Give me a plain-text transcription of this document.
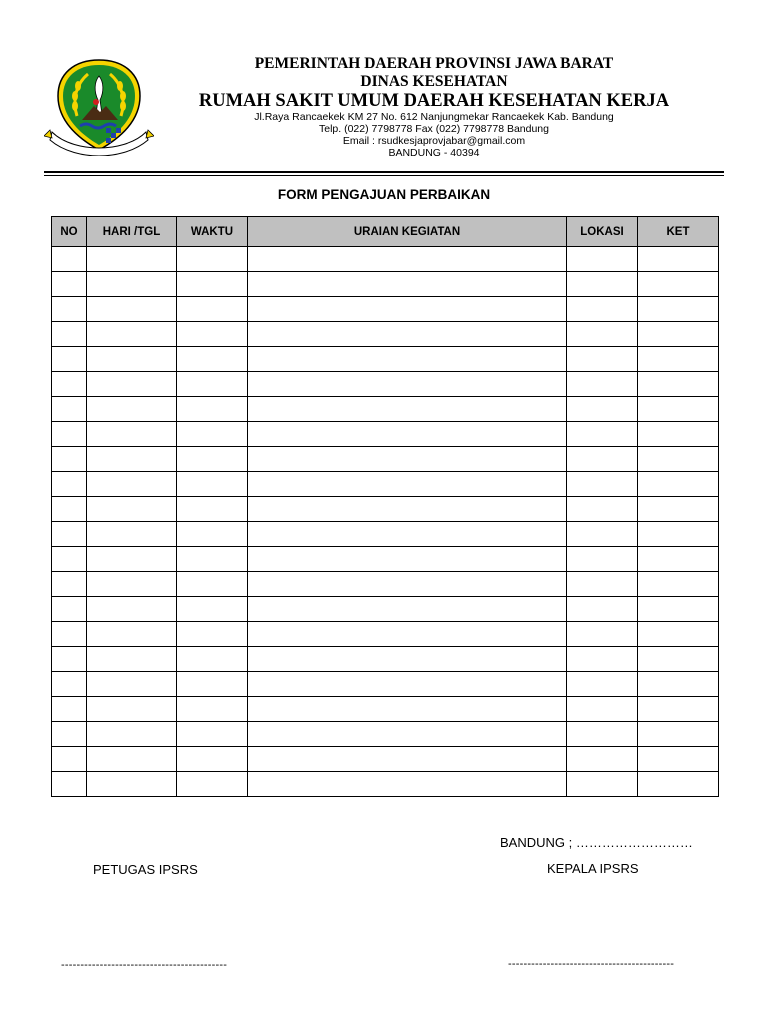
PEMERINTAH DAERAH PROVINSI JAWA BARAT
DINAS KESEHATAN
RUMAH SAKIT UMUM DAERAH KESEHATAN KERJA
Jl.Raya Rancaekek KM 27 No. 612 Nanjungmekar Rancaekek Kab. Bandung
Telp. (022) 7798778 Fax (022) 7798778 Bandung
Email : rsudkesjaprovjabar@gmail.com
BANDUNG - 40394
FORM PENGAJUAN PERBAIKAN
NO	HARI /TGL	WAKTU	URAIAN KEGIATAN	LOKASI	KET

BANDUNG ; ………………………
PETUGAS IPSRS	KEPALA IPSRS
-------------------------------------------	-------------------------------------------
